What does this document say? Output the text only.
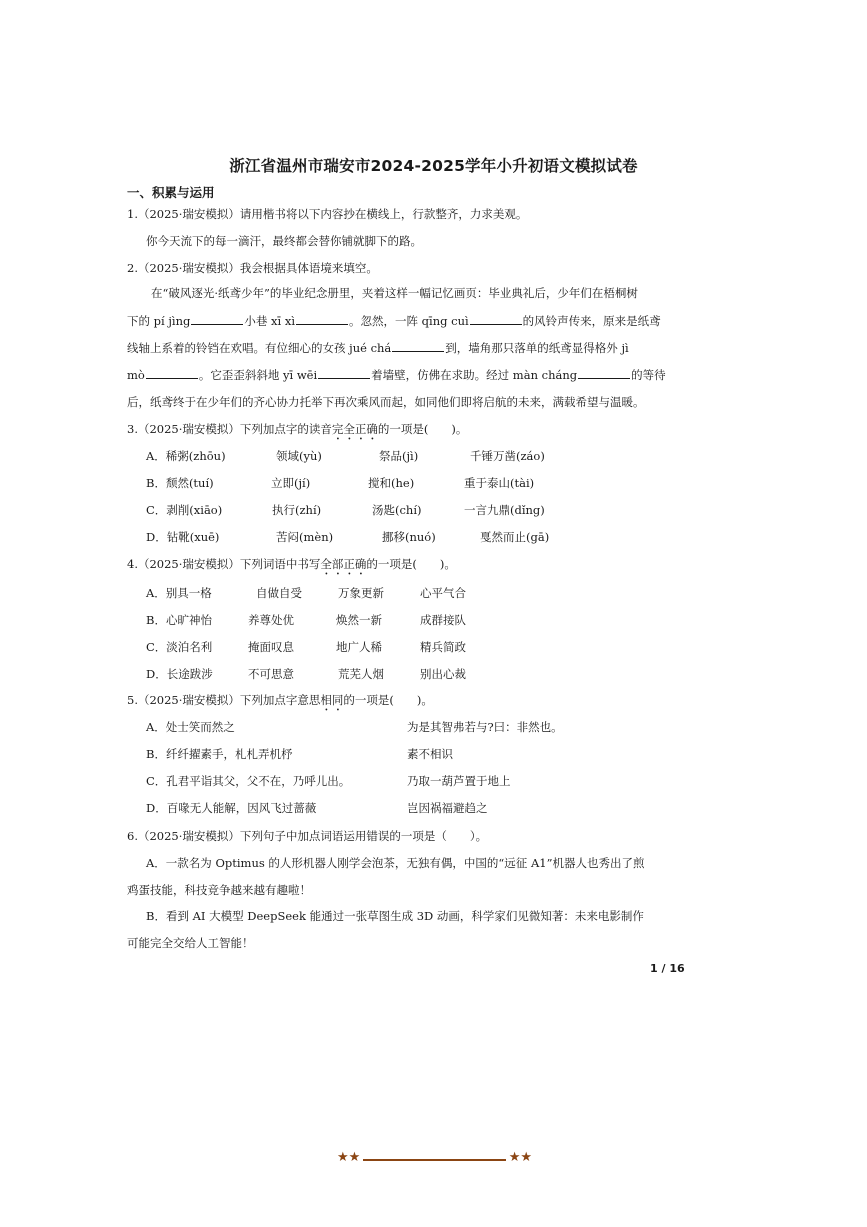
浙江省温州市瑞安市2024-2025学年小升初语文模拟试卷
一、积累与运用
1.（2025·瑞安模拟）请用楷书将以下内容抄在横线上，行款整齐，力求美观。
你今天流下的每一滴汗，最终都会替你铺就脚下的路。
2.（2025·瑞安模拟）我会根据具体语境来填空。
在“破风逐光·纸鸢少年”的毕业纪念册里，夹着这样一幅记忆画页：毕业典礼后，少年们在梧桐树
下的 pí jìng	小巷 xī xì	。忽然，一阵 qīng cuì	的风铃声传来，原来是纸鸢
线轴上系着的铃铛在欢唱。有位细心的女孩 jué chá	到，墙角那只落单的纸鸢显得格外 jì
mò	。它歪歪斜斜地 yī wēi	着墙壁，仿佛在求助。经过 màn cháng	的等待
后，纸鸢终于在少年们的齐心协力托举下再次乘风而起，如同他们即将启航的未来，满载希望与温暖。
3.（2025·瑞安模拟）下列加点字的读音完全正确的一项是(　　)。
A．稀粥(zhōu)	领域(yù)	祭品(jì)	千锤万凿(záo)
B．颓然(tuí)	立即(jí)	搅和(he)	重于泰山(tài)
C．剥削(xiāo)	执行(zhí)	汤匙(chí)	一言九鼎(dǐng)
D．钻靴(xuē)	苦闷(mèn)	挪移(nuó)	戛然而止(gā)
4.（2025·瑞安模拟）下列词语中书写全部正确的一项是(　　)。
A．别具一格	自做自受	万象更新	心平气合
B．心旷神怡	养尊处优	焕然一新	成群接队
C．淡泊名利	掩面叹息	地广人稀	精兵简政
D．长途跋涉	不可思意	荒芜人烟	别出心裁
5.（2025·瑞安模拟）下列加点字意思相同的一项是(　　)。
A．处士笑而然之	为是其智弗若与?曰：非然也。
B．纤纤擢素手，札札弄机杼	素不相识
C．孔君平诣其父，父不在，乃呼儿出。	乃取一葫芦置于地上
D．百喙无人能解，因风飞过蔷薇	岂因祸福避趋之
6.（2025·瑞安模拟）下列句子中加点词语运用错误的一项是（　　）。
A．一款名为 Optimus 的人形机器人刚学会泡茶，无独有偶，中国的“远征 A1”机器人也秀出了煎
鸡蛋技能，科技竞争越来越有趣啦！
B．看到 AI 大模型 DeepSeek 能通过一张草图生成 3D 动画，科学家们见微知著：未来电影制作
可能完全交给人工智能！
1 / 16
★★	★★
